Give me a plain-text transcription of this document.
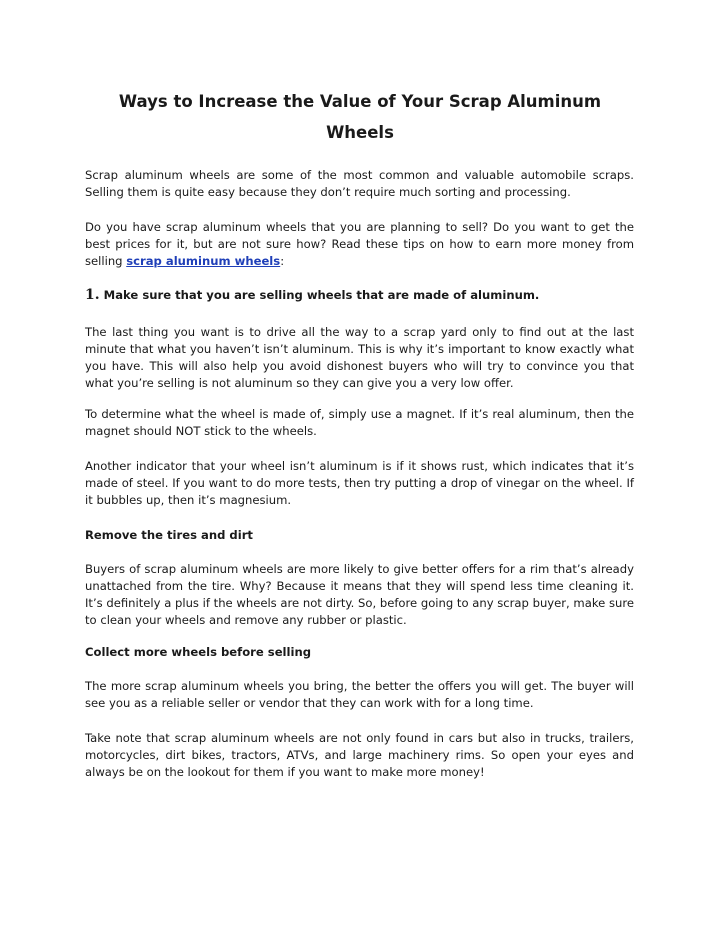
Ways to Increase the Value of Your Scrap Aluminum Wheels

Scrap aluminum wheels are some of the most common and valuable automobile scraps. Selling them is quite easy because they don’t require much sorting and processing.

Do you have scrap aluminum wheels that you are planning to sell? Do you want to get the best prices for it, but are not sure how? Read these tips on how to earn more money from selling scrap aluminum wheels:

1. Make sure that you are selling wheels that are made of aluminum.

The last thing you want is to drive all the way to a scrap yard only to find out at the last minute that what you haven’t isn’t aluminum. This is why it’s important to know exactly what you have. This will also help you avoid dishonest buyers who will try to convince you that what you’re selling is not aluminum so they can give you a very low offer.

To determine what the wheel is made of, simply use a magnet. If it’s real aluminum, then the magnet should NOT stick to the wheels.

Another indicator that your wheel isn’t aluminum is if it shows rust, which indicates that it’s made of steel. If you want to do more tests, then try putting a drop of vinegar on the wheel. If it bubbles up, then it’s magnesium.

Remove the tires and dirt

Buyers of scrap aluminum wheels are more likely to give better offers for a rim that’s already unattached from the tire. Why? Because it means that they will spend less time cleaning it. It’s definitely a plus if the wheels are not dirty. So, before going to any scrap buyer, make sure to clean your wheels and remove any rubber or plastic.

Collect more wheels before selling

The more scrap aluminum wheels you bring, the better the offers you will get. The buyer will see you as a reliable seller or vendor that they can work with for a long time.

Take note that scrap aluminum wheels are not only found in cars but also in trucks, trailers, motorcycles, dirt bikes, tractors, ATVs, and large machinery rims. So open your eyes and always be on the lookout for them if you want to make more money!
